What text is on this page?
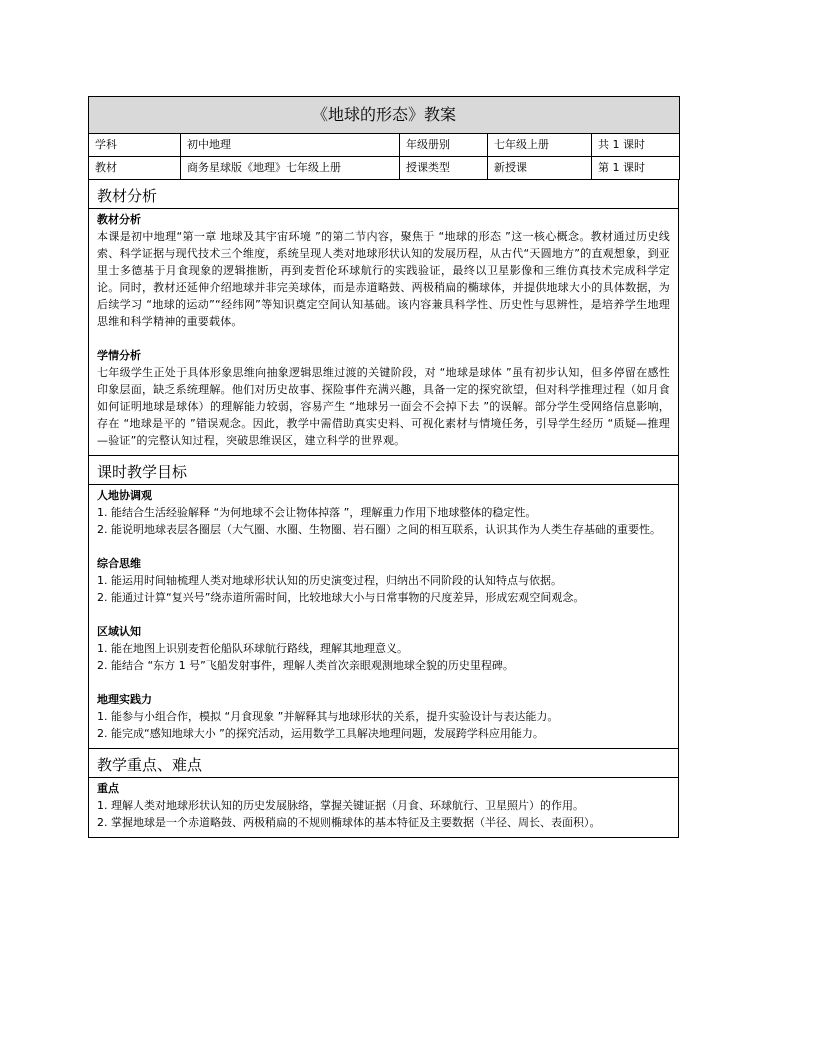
《地球的形态》教案				
学科	初中地理	年级册别	七年级上册	共 1 课时
教材	商务星球版《地理》七年级上册	授课类型	新授课	第 1 课时
教材分析
教材分析

本课是初中地理“第一章 地球及其宇宙环境 ”的第二节内容，聚焦于 “地球的形态 ”这一核心概念。教材通过历史线索、科学证据与现代技术三个维度，系统呈现人类对地球形状认知的发展历程，从古代“天圆地方”的直观想象，到亚里士多德基于月食现象的逻辑推断，再到麦哲伦环球航行的实践验证，最终以卫星影像和三维仿真技术完成科学定论。同时，教材还延伸介绍地球并非完美球体，而是赤道略鼓、两极稍扁的椭球体，并提供地球大小的具体数据，为后续学习 “地球的运动”“经纬网”等知识奠定空间认知基础。该内容兼具科学性、历史性与思辨性，是培养学生地理思维和科学精神的重要载体。

学情分析

七年级学生正处于具体形象思维向抽象逻辑思维过渡的关键阶段，对 “地球是球体 ”虽有初步认知，但多停留在感性印象层面，缺乏系统理解。他们对历史故事、探险事件充满兴趣，具备一定的探究欲望，但对科学推理过程（如月食如何证明地球是球体）的理解能力较弱，容易产生 “地球另一面会不会掉下去 ”的误解。部分学生受网络信息影响，存在 “地球是平的 ”错误观念。因此，教学中需借助真实史料、可视化素材与情境任务，引导学生经历 “质疑—推理—验证”的完整认知过程，突破思维误区，建立科学的世界观。

课时教学目标
人地协调观

1. 能结合生活经验解释 “为何地球不会让物体掉落 ”，理解重力作用下地球整体的稳定性。

2. 能说明地球表层各圈层（大气圈、水圈、生物圈、岩石圈）之间的相互联系，认识其作为人类生存基础的重要性。

综合思维

1. 能运用时间轴梳理人类对地球形状认知的历史演变过程，归纳出不同阶段的认知特点与依据。

2. 能通过计算“复兴号”绕赤道所需时间，比较地球大小与日常事物的尺度差异，形成宏观空间观念。

区域认知

1. 能在地图上识别麦哲伦船队环球航行路线，理解其地理意义。

2. 能结合 “东方 1 号”飞船发射事件，理解人类首次亲眼观测地球全貌的历史里程碑。

地理实践力

1. 能参与小组合作，模拟 “月食现象 ”并解释其与地球形状的关系，提升实验设计与表达能力。

2. 能完成“感知地球大小 ”的探究活动，运用数学工具解决地理问题，发展跨学科应用能力。

教学重点、难点
重点

1. 理解人类对地球形状认知的历史发展脉络，掌握关键证据（月食、环球航行、卫星照片）的作用。

2. 掌握地球是一个赤道略鼓、两极稍扁的不规则椭球体的基本特征及主要数据（半径、周长、表面积）。
